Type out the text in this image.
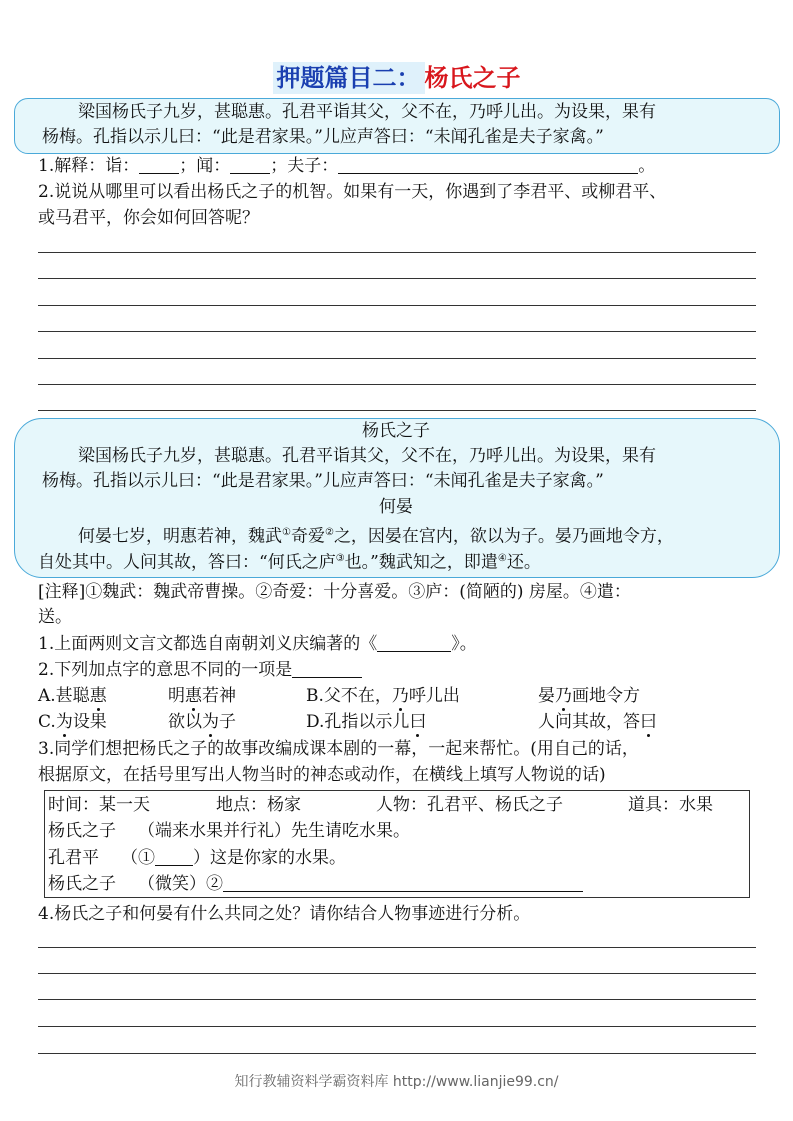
押题篇目二： 杨氏之子
梁国杨氏子九岁，甚聪惠。孔君平诣其父，父不在，乃呼儿出。为设果，果有
杨梅。孔指以示儿曰：“此是君家果。”儿应声答曰：“未闻孔雀是夫子家禽。”
1.解释：诣： ；闻： ；夫子：	。
2.说说从哪里可以看出杨氏之子的机智。如果有一天，你遇到了李君平、或柳君平、
或马君平，你会如何回答呢？
杨氏之子
梁国杨氏子九岁，甚聪惠。孔君平诣其父，父不在，乃呼儿出。为设果，果有
杨梅。孔指以示儿曰：“此是君家果。”儿应声答曰：“未闻孔雀是夫子家禽。”
何晏
何晏七岁，明惠若神，魏武①奇爱②之，因晏在宫内，欲以为子。晏乃画地令方，
自处其中。人问其故，答曰：“何氏之庐③也。”魏武知之，即遣④还。
[注释]①魏武：魏武帝曹操。②奇爱：十分喜爱。③庐：(简陋的) 房屋。④遣：
送。
1.上面两则文言文都选自南朝刘义庆编著的《	》。
2.下列加点字的意思不同的一项是
A.甚聪惠	明惠若神	B.父不在，乃呼儿出	晏乃画地令方
C.为设果	欲以为子	D.孔指以示儿曰	人问其故，答曰
3.同学们想把杨氏之子的故事改编成课本剧的一幕，一起来帮忙。(用自己的话，
根据原文，在括号里写出人物当时的神态或动作，在横线上填写人物说的话)
时间：某一天	地点：杨家	人物：孔君平、杨氏之子	道具：水果
杨氏之子 （端来水果并行礼）先生请吃水果。
孔君平 （① ）这是你家的水果。
杨氏之子 （微笑）②
4.杨氏之子和何晏有什么共同之处？请你结合人物事迹进行分析。
知行教辅资料学霸资料库 http://www.lianjie99.cn/
